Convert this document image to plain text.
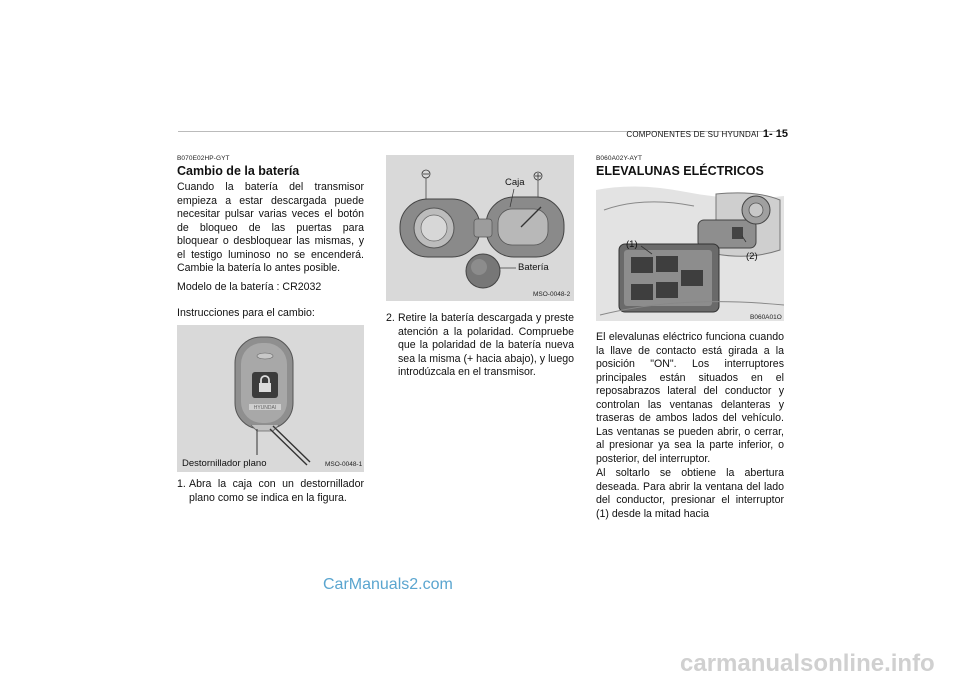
COMPONENTES DE SU HYUNDAI 1- 15
B070E02HP-GYT
Cambio de la batería
Cuando la batería del transmisor empieza a estar descargada puede necesitar pulsar varias veces el botón de bloqueo de las puertas para bloquear o desbloquear las mismas, y el testigo luminoso no se encenderá. Cambie la batería lo antes posible.
Modelo de la batería : CR2032
Instrucciones para el cambio:
HYUNDAI
Destornillador plano	MSO-0048-1
1. Abra la caja con un destornillador plano como se indica en la figura.
Caja
Batería
MSO-0048-2
2. Retire la batería descargada y preste atención a la polaridad. Compruebe que la polaridad de la batería nueva sea la misma (+ hacia abajo), y luego introdúzcala en el transmisor.
B060A02Y-AYT
ELEVALUNAS ELÉCTRICOS
(1)
(2)
B060A01O
El elevalunas eléctrico funciona cuando la llave de contacto está girada a la posición "ON". Los interruptores principales están situados en el reposabrazos lateral del conductor y controlan las ventanas delanteras y traseras de ambos lados del vehículo. Las ventanas se pueden abrir, o cerrar, al presionar ya sea la parte inferior, o posterior, del interruptor.
Al soltarlo se obtiene la abertura deseada. Para abrir la ventana del lado del conductor, presionar el interruptor (1) desde la mitad hacia
CarManuals2.com
carmanualsonline.info
